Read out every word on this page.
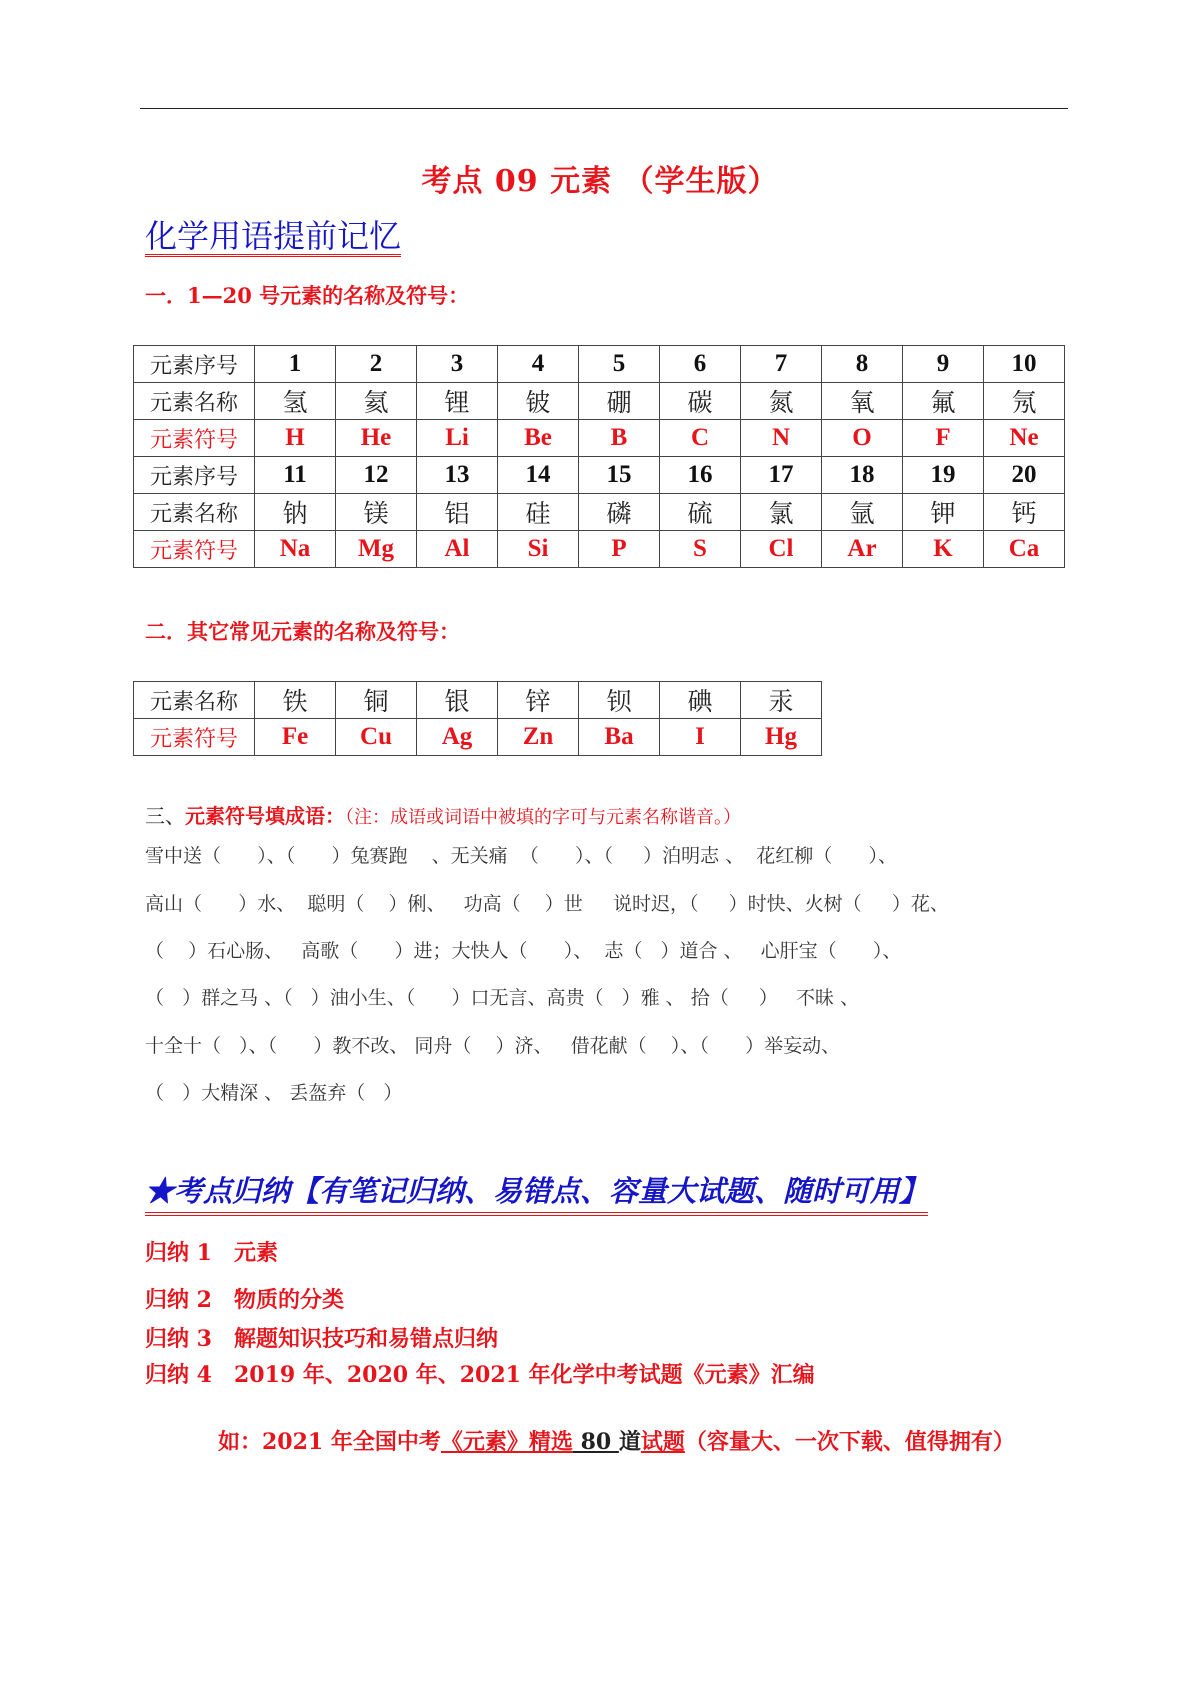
考点 09 元素 （学生版）
化学用语提前记忆
一．1—20 号元素的名称及符号：
元素序号	1	2	3	4	5	6	7	8	9	10
元素名称	氢	氦	锂	铍	硼	碳	氮	氧	氟	氖
元素符号	H	He	Li	Be	B	C	N	O	F	Ne
元素序号	11	12	13	14	15	16	17	18	19	20
元素名称	钠	镁	铝	硅	磷	硫	氯	氩	钾	钙
元素符号	Na	Mg	Al	Si	P	S	Cl	Ar	K	Ca
二．其它常见元素的名称及符号：
元素名称	铁	铜	银	锌	钡	碘	汞
元素符号	Fe	Cu	Ag	Zn	Ba	I	Hg
三、元素符号填成语：（注：成语或词语中被填的字可与元素名称谐音。）
雪中送（      ）、（      ）兔赛跑    、无关痛  （      ）、（     ）泊明志 、  花红柳（      ）、
高山（      ）水、  聪明（    ）俐、   功高（    ）世     说时迟，（     ）时快、火树（     ）花、
（    ）石心肠、   高歌（      ）进；大快人（      ）、  志（   ）道合 、   心肝宝（      ）、
（   ）群之马 、（   ）油小生、（      ）口无言、高贵（   ）雅 、 拾（     ）   不昧 、
十全十（   ）、（      ）教不改、 同舟（    ）济、   借花献（    ）、（      ）举妄动、
（   ）大精深 、 丢盔弃（   ）
★考点归纳【有笔记归纳、易错点、容量大试题、随时可用】
归纳 1 元素
归纳 2 物质的分类
归纳 3 解题知识技巧和易错点归纳
归纳 4 2019 年、2020 年、2021 年化学中考试题《元素》汇编
如：2021 年全国中考《元素》精选 80 道试题（容量大、一次下载、值得拥有）
